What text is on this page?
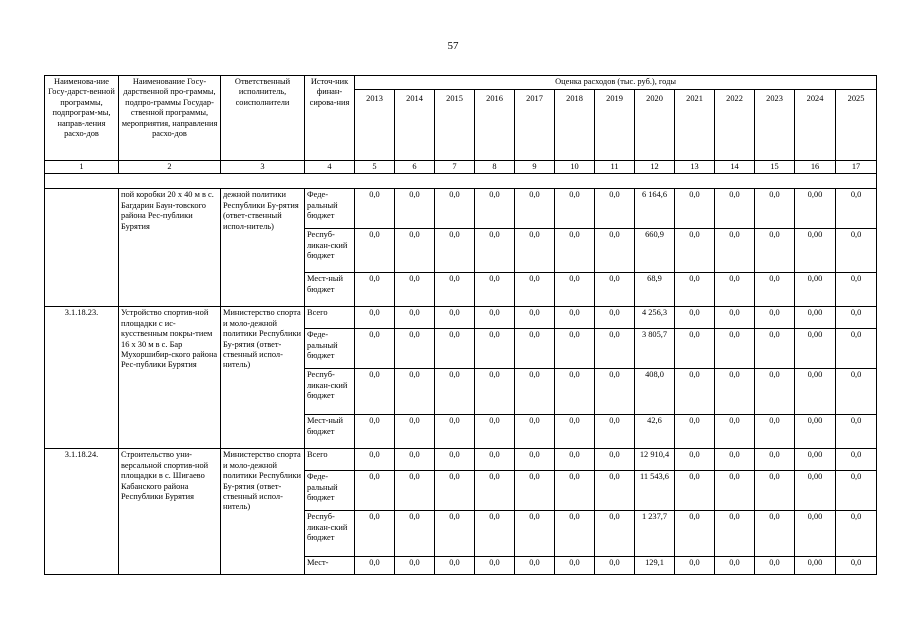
57
Наименова-ние Госу-дарст-венной программы, подпрограм-мы, направ-ления расхо-дов	Наименование Госу-дарственной про-граммы, подпро-граммы Государ-ственной программы, мероприятия, направления расхо-дов	Ответственный исполнитель, соисполнители	Источ-ник финан-сирова-ния	Оценка расходов (тыс. руб.), годы												
				2013	2014	2015	2016	2017	2018	2019	2020	2021	2022	2023	2024	2025
1	2	3	4	5	6	7	8	9	10	11	12	13	14	15	16	17

	пой коробки 20 х 40 м в с. Багдарин Баун-товского района Рес-публики Бурятия	дежной политики Республики Бу-рятия (ответ-ственный испол-нитель)	Феде-ральный бюджет	0,0	0,0	0,0	0,0	0,0	0,0	0,0	6 164,6	0,0	0,0	0,0	0,00	0,0
			Респуб-ликан-ский бюджет	0,0	0,0	0,0	0,0	0,0	0,0	0,0	660,9	0,0	0,0	0,0	0,00	0,0
			Мест-ный бюджет	0,0	0,0	0,0	0,0	0,0	0,0	0,0	68,9	0,0	0,0	0,0	0,00	0,0
3.1.18.23.	Устройство спортив-ной площадки с ис-кусственным покры-тием 16 х 30 м в с. Бар Мухоршибир-ского района Рес-публики Бурятия	Министерство спорта и моло-дежной политики Республики Бу-рятия (ответ-ственный испол-нитель)	Всего	0,0	0,0	0,0	0,0	0,0	0,0	0,0	4 256,3	0,0	0,0	0,0	0,00	0,0
			Феде-ральный бюджет	0,0	0,0	0,0	0,0	0,0	0,0	0,0	3 805,7	0,0	0,0	0,0	0,00	0,0
			Респуб-ликан-ский бюджет	0,0	0,0	0,0	0,0	0,0	0,0	0,0	408,0	0,0	0,0	0,0	0,00	0,0
			Мест-ный бюджет	0,0	0,0	0,0	0,0	0,0	0,0	0,0	42,6	0,0	0,0	0,0	0,00	0,0
3.1.18.24.	Строительство уни-версальной спортив-ной площадки в с. Шигаево Кабанского района Республики Бурятия	Министерство спорта и моло-дежной политики Республики Бу-рятия (ответ-ственный испол-нитель)	Всего	0,0	0,0	0,0	0,0	0,0	0,0	0,0	12 910,4	0,0	0,0	0,0	0,00	0,0
			Феде-ральный бюджет	0,0	0,0	0,0	0,0	0,0	0,0	0,0	11 543,6	0,0	0,0	0,0	0,00	0,0
			Респуб-ликан-ский бюджет	0,0	0,0	0,0	0,0	0,0	0,0	0,0	1 237,7	0,0	0,0	0,0	0,00	0,0
			Мест-	0,0	0,0	0,0	0,0	0,0	0,0	0,0	129,1	0,0	0,0	0,0	0,00	0,0
